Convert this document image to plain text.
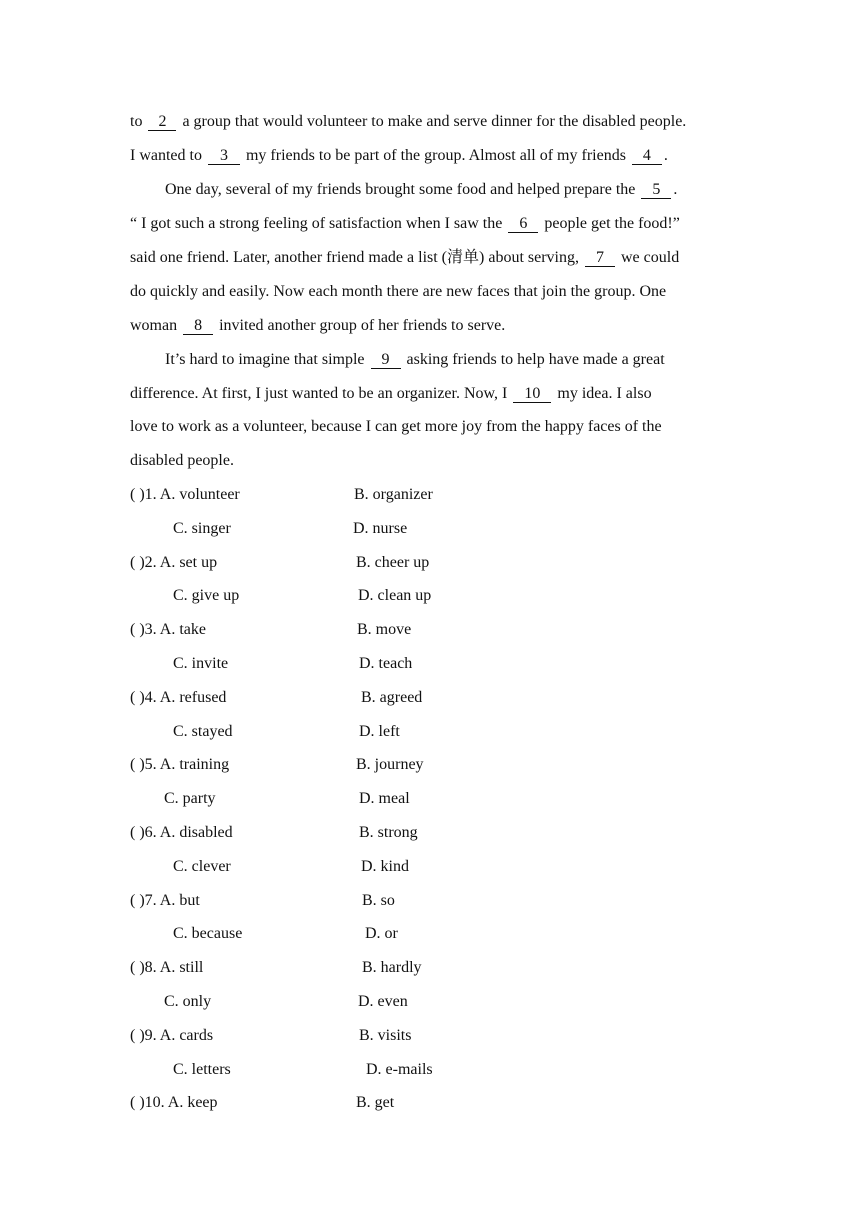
to 2 a group that would volunteer to make and serve dinner for the disabled people.
I wanted to 3 my friends to be part of the group. Almost all of my friends 4 .
One day, several of my friends brought some food and helped prepare the 5 .
“ I got such a strong feeling of satisfaction when I saw the 6 people get the food!”
said one friend. Later, another friend made a list (清单) about serving, 7 we could
do quickly and easily. Now each month there are new faces that join the group. One
woman 8 invited another group of her friends to serve.
It’s hard to imagine that simple 9 asking friends to help have made a great
difference. At first, I just wanted to be an organizer. Now, I 10 my idea. I also
love to work as a volunteer, because I can get more joy from the happy faces of the
disabled people.
( )1. A. volunteer	B. organizer
C. singer	D. nurse
( )2. A. set up	B. cheer up
C. give up	D. clean up
( )3. A. take	B. move
C. invite	D. teach
( )4. A. refused	B. agreed
C. stayed	D. left
( )5. A. training	B. journey
C. party	D. meal
( )6. A. disabled	B. strong
C. clever	D. kind
( )7. A. but	B. so
C. because	D. or
( )8. A. still	B. hardly
C. only	D. even
( )9. A. cards	B. visits
C. letters	D. e-mails
( )10. A. keep	B. get
